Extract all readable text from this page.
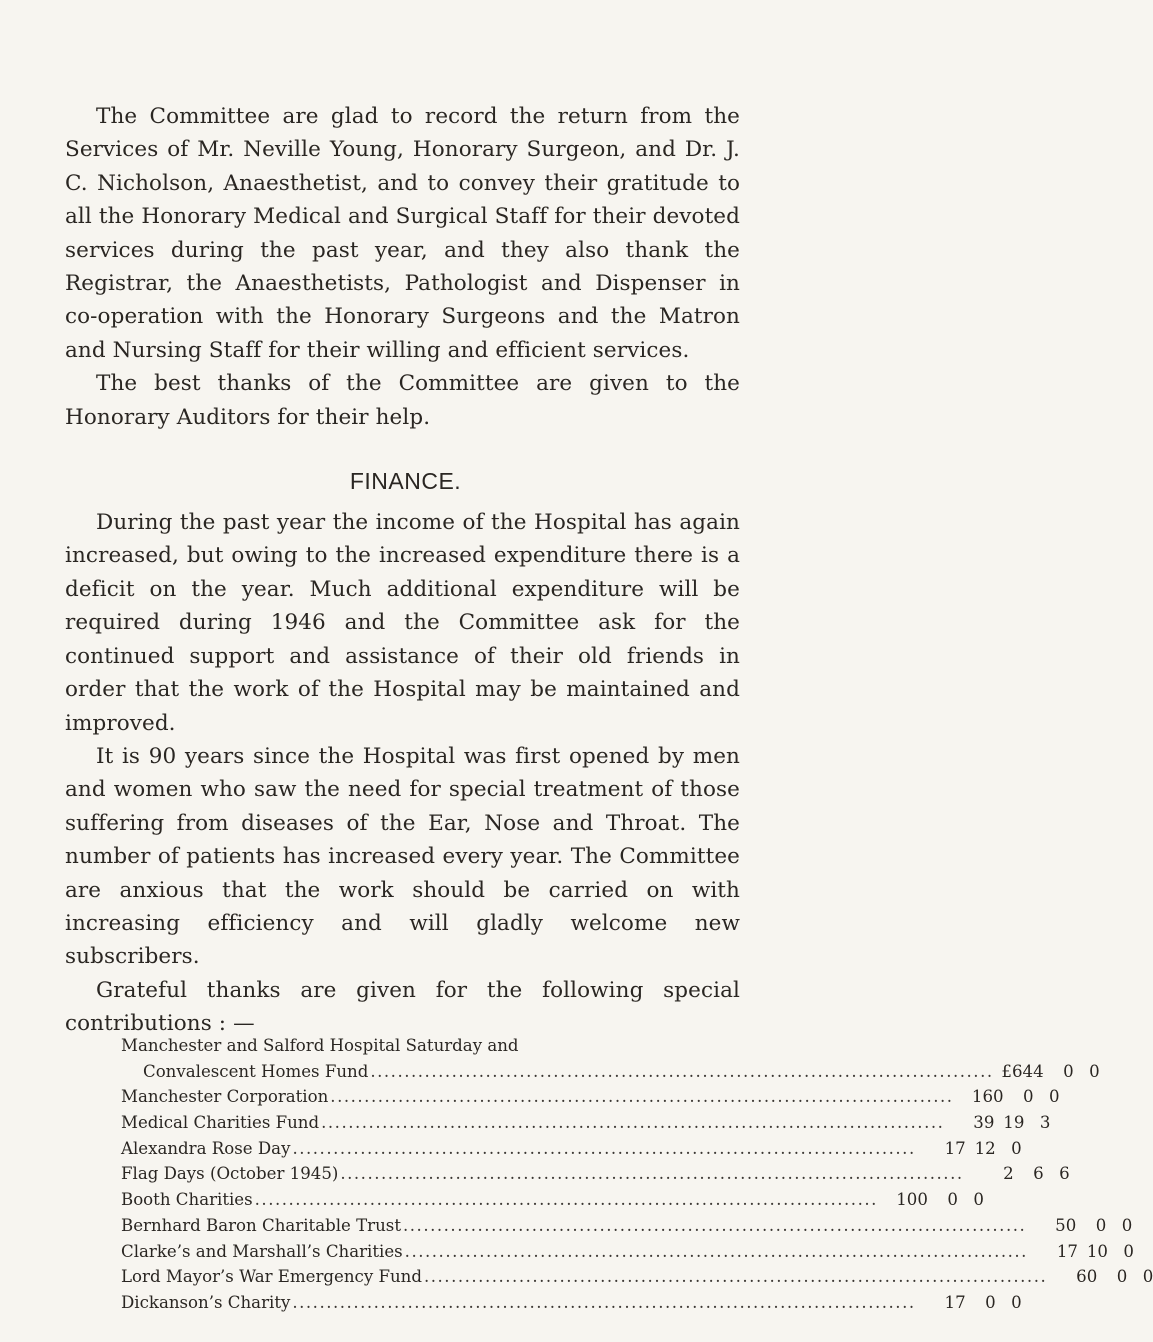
The Committee are glad to record the return from the Services of Mr. Neville Young, Honorary Surgeon, and Dr. J. C. Nicholson, Anaesthetist, and to convey their gratitude to all the Honorary Medical and Surgical Staff for their devoted services during the past year, and they also thank the Registrar, the Anaesthetists, Pathologist and Dispenser in co-operation with the Honorary Surgeons and the Matron and Nursing Staff for their willing and efficient services.

The best thanks of the Committee are given to the Honorary Auditors for their help.

FINANCE.

During the past year the income of the Hospital has again increased, but owing to the increased expenditure there is a deficit on the year. Much additional expenditure will be required during 1946 and the Committee ask for the continued support and assistance of their old friends in order that the work of the Hospital may be maintained and improved.

It is 90 years since the Hospital was first opened by men and women who saw the need for special treatment of those suffering from diseases of the Ear, Nose and Throat. The number of patients has increased every year. The Committee are anxious that the work should be carried on with increasing efficiency and will gladly welcome new subscribers.

Grateful thanks are given for the following special contributions : —

Manchester and Salford Hospital Saturday and
Convalescent Homes Fund ............................................................................................ £644	0 0
Manchester Corporation ............................................................................................	160	0 0
Medical Charities Fund ............................................................................................	39 19 3
Alexandra Rose Day ............................................................................................	17 12 0
Flag Days (October 1945) ............................................................................................	2	6 6
Booth Charities ............................................................................................	100	0 0
Bernhard Baron Charitable Trust ............................................................................................	50	0 0
Clarke’s and Marshall’s Charities ............................................................................................	17 10 0
Lord Mayor’s War Emergency Fund ............................................................................................	60	0 0
Dickanson’s Charity ............................................................................................	17	0 0
